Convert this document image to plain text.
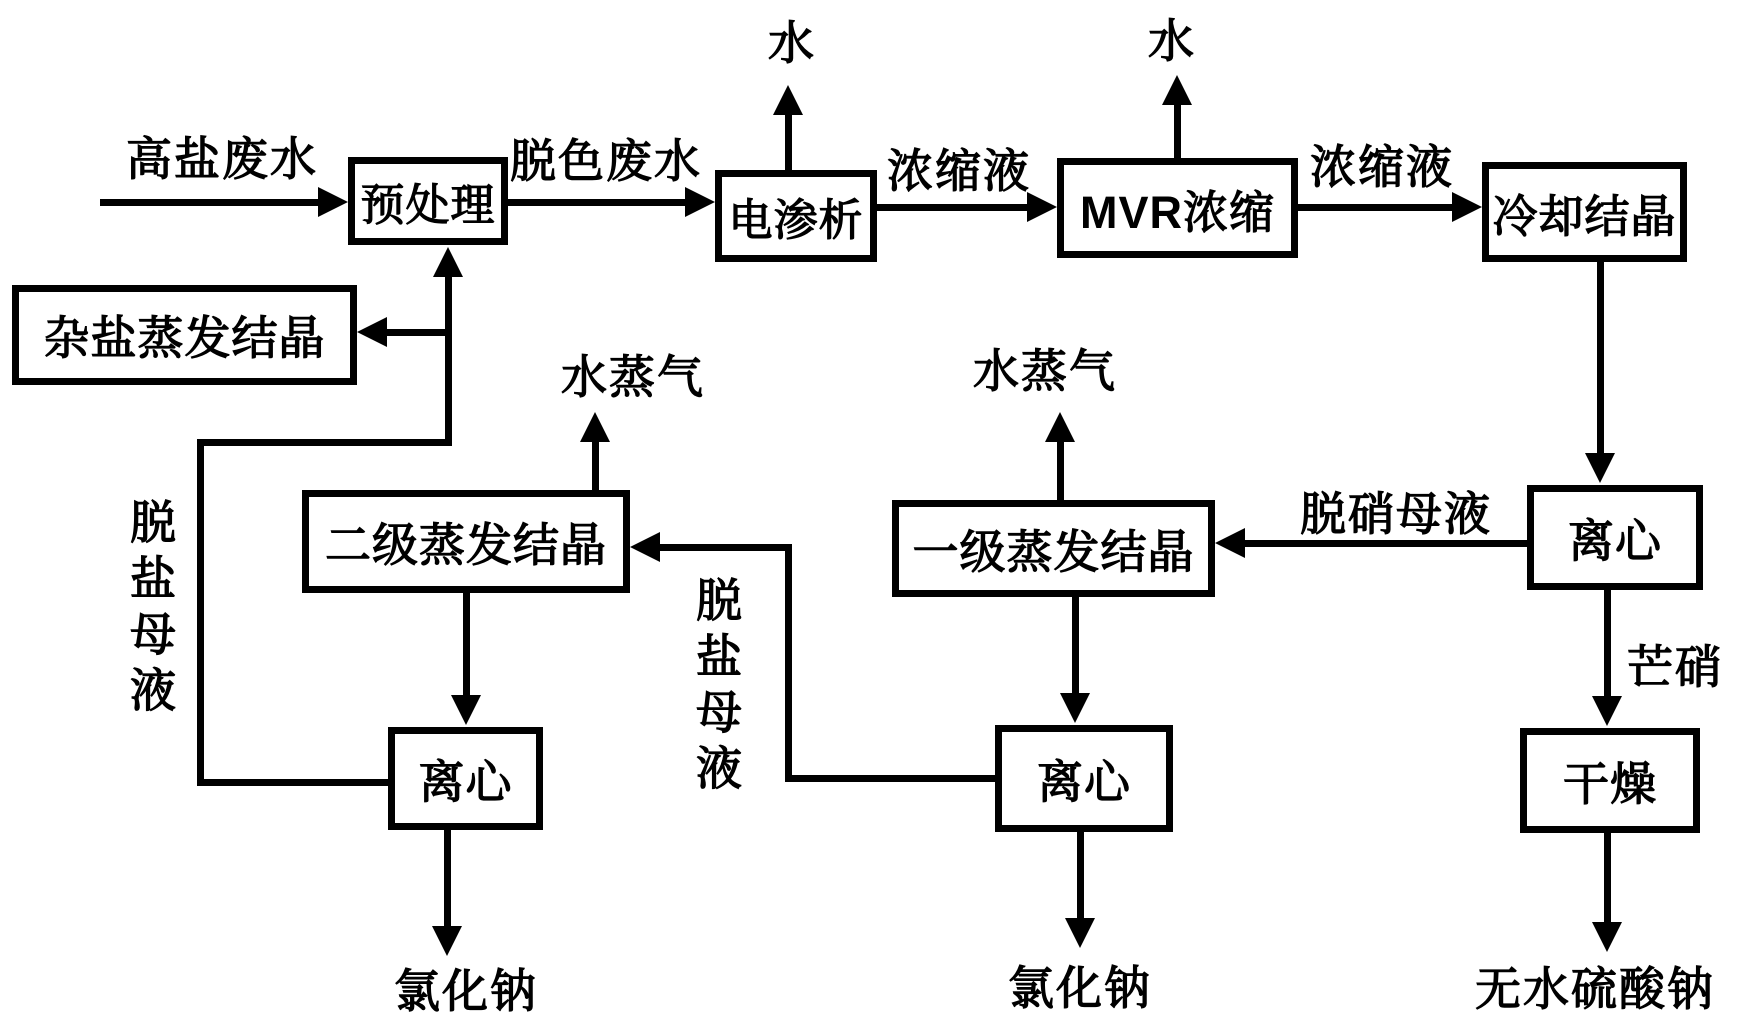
预处理
杂盐蒸发结晶
电渗析	MVR浓缩	冷却结晶
二级蒸发结晶	一级蒸发结晶	离心
离心	离心	干燥
高盐废水	脱色废水
水
浓缩液
水
浓缩液
水蒸气	水蒸气
脱硝母液
芒硝
氯化钠	氯化钠	无水硫酸钠
脱盐母液	脱盐母液
